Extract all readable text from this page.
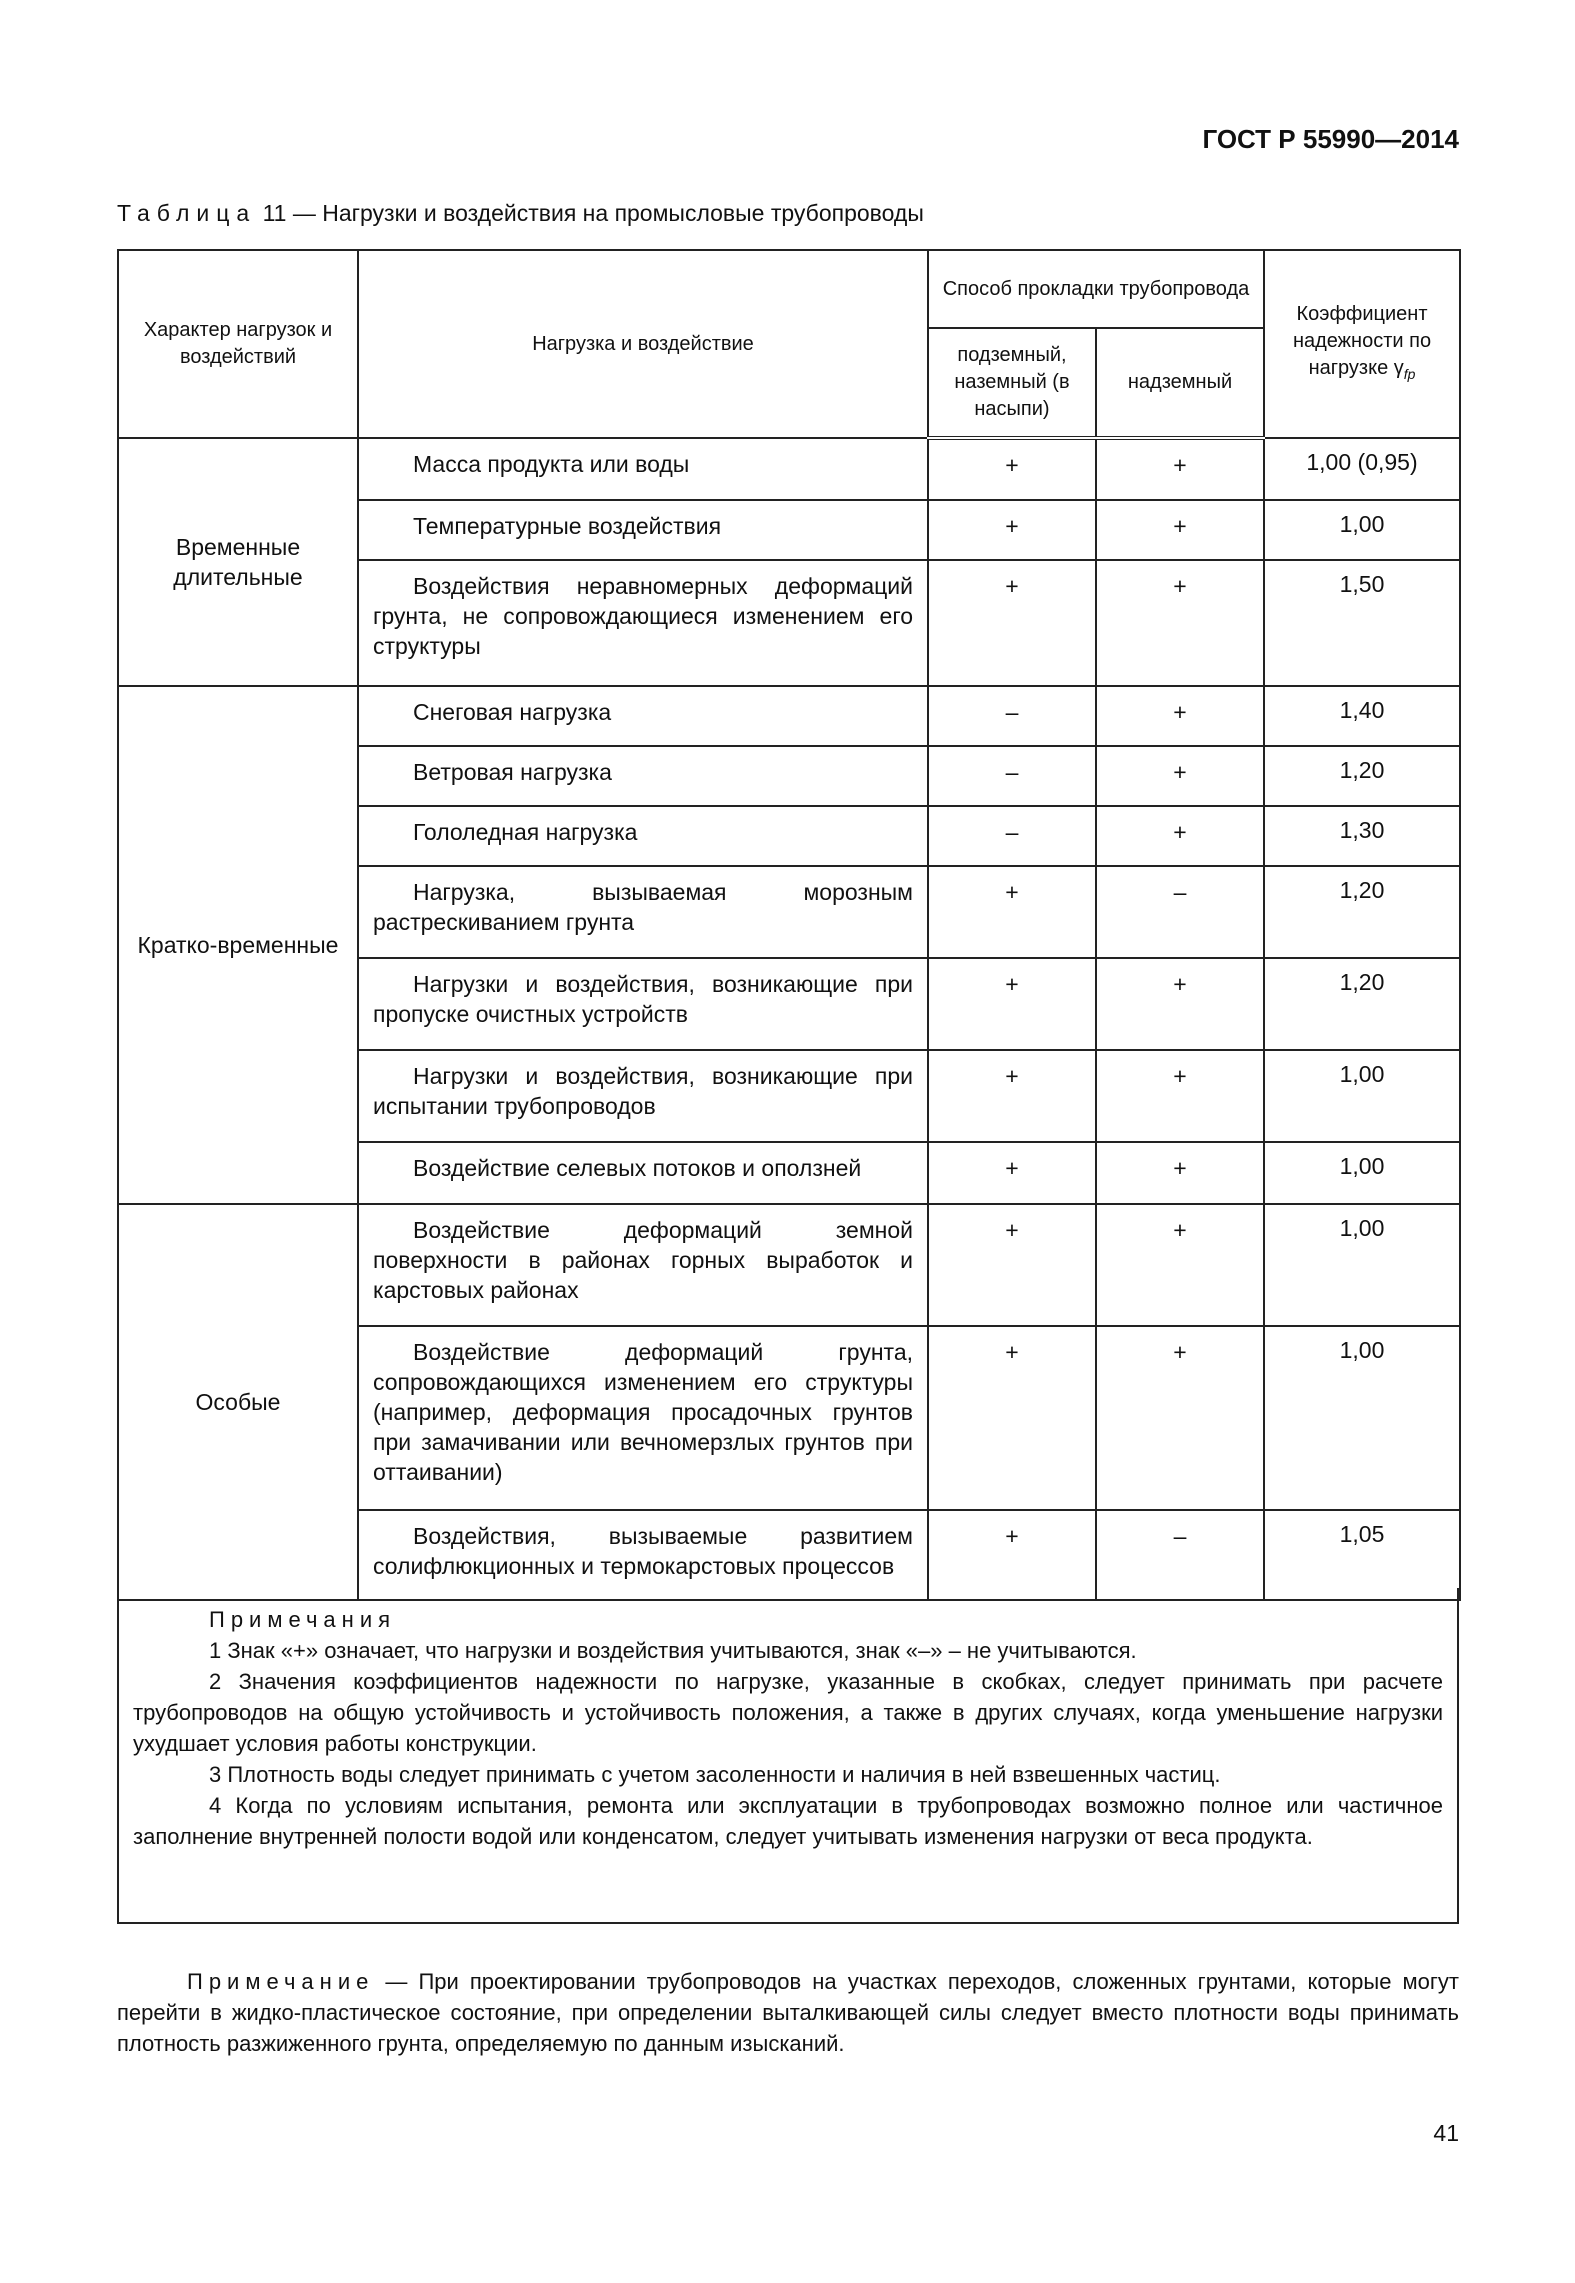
ГОСТ Р 55990—2014
Таблица 11 — Нагрузки и воздействия на промысловые трубопроводы
Характер нагрузок и воздействий	Нагрузка и воздействие	Способ прокладки трубопровода		Коэффициент надежности по нагрузке $\gamma_{fp}$
		подземный, наземный (в насыпи)	надземный	
Временные длительные	Масса продукта или воды	+	+	1,00 (0,95)
	Температурные воздействия	+	+	1,00
	Воздействия неравномерных деформаций грунта, не сопровождающиеся изменением его структуры	+	+	1,50
Кратко-временные	Снеговая нагрузка	–	+	1,40
	Ветровая нагрузка	–	+	1,20
	Гололедная нагрузка	–	+	1,30
	Нагрузка, вызываемая морозным растрескиванием грунта	+	–	1,20
	Нагрузки и воздействия, возникающие при пропуске очистных устройств	+	+	1,20
	Нагрузки и воздействия, возникающие при испытании трубопроводов	+	+	1,00
	Воздействие селевых потоков и оползней	+	+	1,00
Особые	Воздействие деформаций земной поверхности в районах горных выработок и карстовых районах	+	+	1,00
	Воздействие деформаций грунта, сопровождающихся изменением его структуры (например, деформация просадочных грунтов при замачивании или вечномерзлых грунтов при оттаивании)	+	+	1,00
	Воздействия, вызываемые развитием солифлюкционных и термокарстовых процессов	+	–	1,05

Примечания

1 Знак «+» означает, что нагрузки и воздействия учитываются, знак «–» – не учитываются.

2 Значения коэффициентов надежности по нагрузке, указанные в скобках, следует принимать при расчете трубопроводов на общую устойчивость и устойчивость положения, а также в других случаях, когда уменьшение нагрузки ухудшает условия работы конструкции.

3 Плотность воды следует принимать с учетом засоленности и наличия в ней взвешенных частиц.

4 Когда по условиям испытания, ремонта или эксплуатации в трубопроводах возможно полное или частичное заполнение внутренней полости водой или конденсатом, следует учитывать изменения нагрузки от веса продукта.

Примечание — При проектировании трубопроводов на участках переходов, сложенных грунтами, которые могут перейти в жидко-пластическое состояние, при определении выталкивающей силы следует вместо плотности воды принимать плотность разжиженного грунта, определяемую по данным изысканий.
41
